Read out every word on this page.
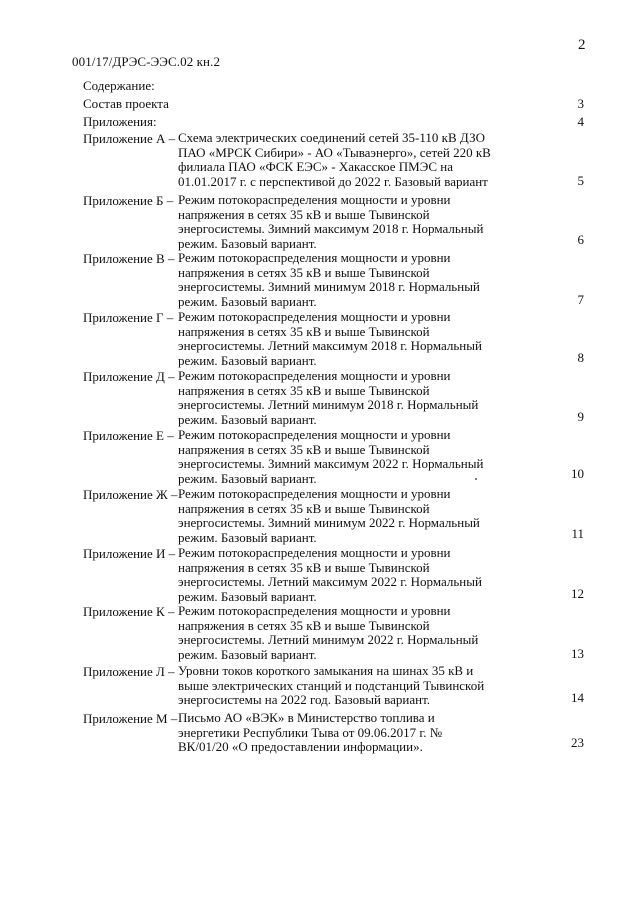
2
001/17/ДРЭС-ЭЭС.02 кн.2
Содержание:
Состав проекта	3
Приложения:	4
Приложение А – Схема электрических соединений сетей 35-110 кВ ДЗО
ПАО «МРСК Сибири» - АО «Тываэнерго», сетей 220 кВ
филиала ПАО «ФСК ЕЭС» - Хакасское ПМЭС на
01.01.2017 г. с перспективой до 2022 г. Базовый вариант	5
Приложение Б – Режим потокораспределения мощности и уровни
напряжения в сетях 35 кВ и выше Тывинской
энергосистемы. Зимний максимум 2018 г. Нормальный
режим. Базовый вариант.	6
Приложение В – Режим потокораспределения мощности и уровни
напряжения в сетях 35 кВ и выше Тывинской
энергосистемы. Зимний минимум 2018 г. Нормальный
режим. Базовый вариант.	7
Приложение Г – Режим потокораспределения мощности и уровни
напряжения в сетях 35 кВ и выше Тывинской
энергосистемы. Летний максимум 2018 г. Нормальный
режим. Базовый вариант.	8
Приложение Д – Режим потокораспределения мощности и уровни
напряжения в сетях 35 кВ и выше Тывинской
энергосистемы. Летний минимум 2018 г. Нормальный
режим. Базовый вариант.	9
Приложение Е – Режим потокораспределения мощности и уровни
напряжения в сетях 35 кВ и выше Тывинской
энергосистемы. Зимний максимум 2022 г. Нормальный
режим. Базовый вариант.	10
Приложение Ж – Режим потокораспределения мощности и уровни
напряжения в сетях 35 кВ и выше Тывинской
энергосистемы. Зимний минимум 2022 г. Нормальный
режим. Базовый вариант.	11
Приложение И – Режим потокораспределения мощности и уровни
напряжения в сетях 35 кВ и выше Тывинской
энергосистемы. Летний максимум 2022 г. Нормальный
режим. Базовый вариант.	12
Приложение К – Режим потокораспределения мощности и уровни
напряжения в сетях 35 кВ и выше Тывинской
энергосистемы. Летний минимум 2022 г. Нормальный
режим. Базовый вариант.	13
Приложение Л – Уровни токов короткого замыкания на шинах 35 кВ и
выше электрических станций и подстанций Тывинской
энергосистемы на 2022 год. Базовый вариант.	14
Приложение М – Письмо АО «ВЭК» в Министерство топлива и
энергетики Республики Тыва от 09.06.2017 г. №
ВК/01/20 «О предоставлении информации».	23
